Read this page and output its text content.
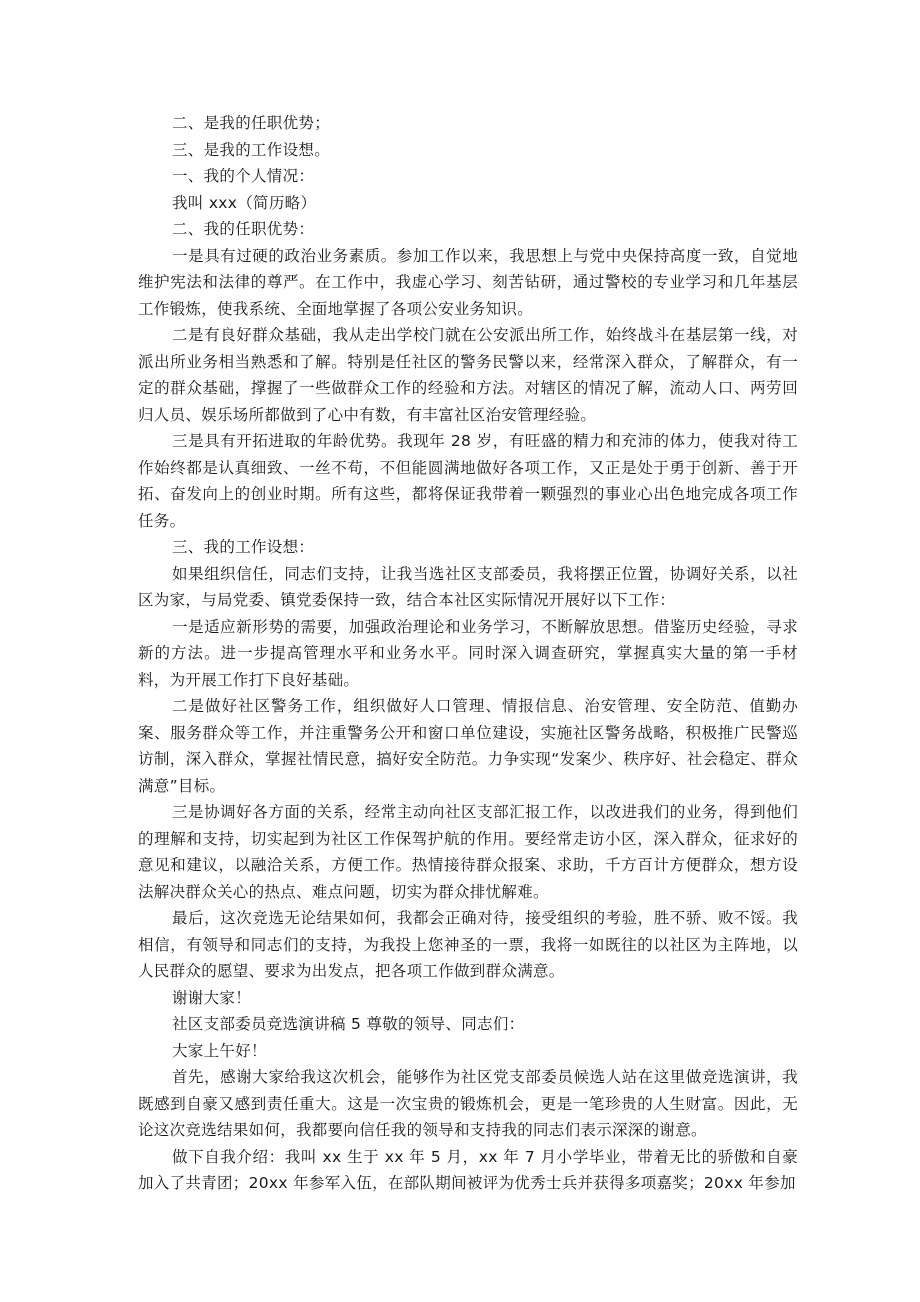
二、是我的任职优势；

三、是我的工作设想。

一、我的个人情况：

我叫 xxx（简历略）

二、我的任职优势：

一是具有过硬的政治业务素质。参加工作以来，我思想上与党中央保持高度一致，自觉地维护宪法和法律的尊严。在工作中，我虚心学习、刻苦钻研，通过警校的专业学习和几年基层工作锻炼，使我系统、全面地掌握了各项公安业务知识。

二是有良好群众基础，我从走出学校门就在公安派出所工作，始终战斗在基层第一线，对派出所业务相当熟悉和了解。特别是任社区的警务民警以来，经常深入群众，了解群众，有一定的群众基础，撑握了一些做群众工作的经验和方法。对辖区的情况了解，流动人口、两劳回归人员、娱乐场所都做到了心中有数，有丰富社区治安管理经验。

三是具有开拓进取的年龄优势。我现年 28 岁，有旺盛的精力和充沛的体力，使我对待工作始终都是认真细致、一丝不苟，不但能圆满地做好各项工作，又正是处于勇于创新、善于开拓、奋发向上的创业时期。所有这些，都将保证我带着一颗强烈的事业心出色地完成各项工作任务。

三、我的工作设想：

如果组织信任，同志们支持，让我当选社区支部委员，我将摆正位置，协调好关系，以社区为家，与局党委、镇党委保持一致，结合本社区实际情况开展好以下工作：

一是适应新形势的需要，加强政治理论和业务学习，不断解放思想。借鉴历史经验，寻求新的方法。进一步提高管理水平和业务水平。同时深入调查研究，掌握真实大量的第一手材料，为开展工作打下良好基础。

二是做好社区警务工作，组织做好人口管理、情报信息、治安管理、安全防范、值勤办案、服务群众等工作，并注重警务公开和窗口单位建设，实施社区警务战略，积极推广民警巡访制，深入群众，掌握社情民意，搞好安全防范。力争实现“发案少、秩序好、社会稳定、群众满意”目标。

三是协调好各方面的关系，经常主动向社区支部汇报工作，以改进我们的业务，得到他们的理解和支持，切实起到为社区工作保驾护航的作用。要经常走访小区，深入群众，征求好的意见和建议，以融洽关系，方便工作。热情接待群众报案、求助，千方百计方便群众，想方设法解决群众关心的热点、难点问题，切实为群众排忧解难。

最后，这次竞选无论结果如何，我都会正确对待，接受组织的考验，胜不骄、败不馁。我相信，有领导和同志们的支持，为我投上您神圣的一票，我将一如既往的以社区为主阵地，以人民群众的愿望、要求为出发点，把各项工作做到群众满意。

谢谢大家！

社区支部委员竞选演讲稿 5 尊敬的领导、同志们：

大家上午好！

首先，感谢大家给我这次机会，能够作为社区党支部委员候选人站在这里做竞选演讲，我既感到自豪又感到责任重大。这是一次宝贵的锻炼机会，更是一笔珍贵的人生财富。因此，无论这次竞选结果如何，我都要向信任我的领导和支持我的同志们表示深深的谢意。

做下自我介绍：我叫 xx 生于 xx 年 5 月，xx 年 7 月小学毕业，带着无比的骄傲和自豪加入了共青团；20xx 年参军入伍，在部队期间被评为优秀士兵并获得多项嘉奖；20xx 年参加
